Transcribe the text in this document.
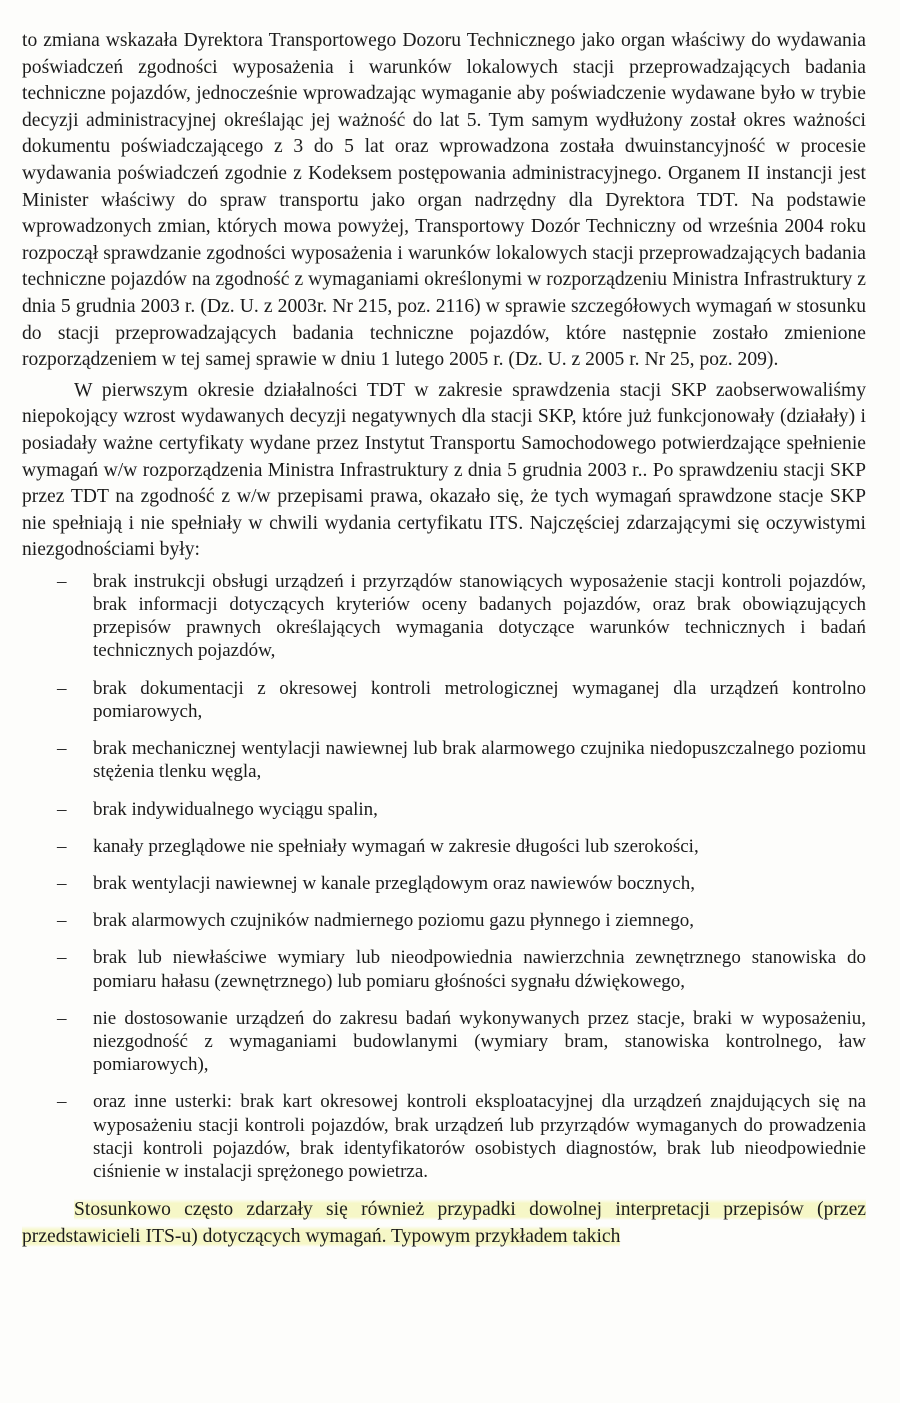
to zmiana wskazała Dyrektora Transportowego Dozoru Technicznego jako organ właściwy do wydawania poświadczeń zgodności wyposażenia i warunków lokalowych stacji przeprowadzających badania techniczne pojazdów, jednocześnie wprowadzając wymaganie aby poświadczenie wydawane było w trybie decyzji administracyjnej określając jej ważność do lat 5. Tym samym wydłużony został okres ważności dokumentu poświadczającego z 3 do 5 lat oraz wprowadzona została dwuinstancyjność w procesie wydawania poświadczeń zgodnie z Kodeksem postępowania administracyjnego. Organem II instancji jest Minister właściwy do spraw transportu jako organ nadrzędny dla Dyrektora TDT. Na podstawie wprowadzonych zmian, których mowa powyżej, Transportowy Dozór Techniczny od września 2004 roku rozpoczął sprawdzanie zgodności wyposażenia i warunków lokalowych stacji przeprowadzających badania techniczne pojazdów na zgodność z wymaganiami określonymi w rozporządzeniu Ministra Infrastruktury z dnia 5 grudnia 2003 r. (Dz. U. z 2003r. Nr 215, poz. 2116) w sprawie szczegółowych wymagań w stosunku do stacji przeprowadzających badania techniczne pojazdów, które następnie zostało zmienione rozporządzeniem w tej samej sprawie w dniu 1 lutego 2005 r. (Dz. U. z 2005 r. Nr 25, poz. 209).

W pierwszym okresie działalności TDT w zakresie sprawdzenia stacji SKP zaobserwowaliśmy niepokojący wzrost wydawanych decyzji negatywnych dla stacji SKP, które już funkcjonowały (działały) i posiadały ważne certyfikaty wydane przez Instytut Transportu Samochodowego potwierdzające spełnienie wymagań w/w rozporządzenia Ministra Infrastruktury z dnia 5 grudnia 2003 r.. Po sprawdzeniu stacji SKP przez TDT na zgodność z w/w przepisami prawa, okazało się, że tych wymagań sprawdzone stacje SKP nie spełniają i nie spełniały w chwili wydania certyfikatu ITS. Najczęściej zdarzającymi się oczywistymi niezgodnościami były:

–	brak instrukcji obsługi urządzeń i przyrządów stanowiących wyposażenie stacji kontroli pojazdów, brak informacji dotyczących kryteriów oceny badanych pojazdów, oraz brak obowiązujących przepisów prawnych określających wymagania dotyczące warunków technicznych i badań technicznych pojazdów,
–	brak dokumentacji z okresowej kontroli metrologicznej wymaganej dla urządzeń kontrolno pomiarowych,
–	brak mechanicznej wentylacji nawiewnej lub brak alarmowego czujnika niedopuszczalnego poziomu stężenia tlenku węgla,
–	brak indywidualnego wyciągu spalin,
–	kanały przeglądowe nie spełniały wymagań w zakresie długości lub szerokości,
–	brak wentylacji nawiewnej w kanale przeglądowym oraz nawiewów bocznych,
–	brak alarmowych czujników nadmiernego poziomu gazu płynnego i ziemnego,
–	brak lub niewłaściwe wymiary lub nieodpowiednia nawierzchnia zewnętrznego stanowiska do pomiaru hałasu (zewnętrznego) lub pomiaru głośności sygnału dźwiękowego,
–	nie dostosowanie urządzeń do zakresu badań wykonywanych przez stacje, braki w wyposażeniu, niezgodność z wymaganiami budowlanymi (wymiary bram, stanowiska kontrolnego, ław pomiarowych),
–	oraz inne usterki: brak kart okresowej kontroli eksploatacyjnej dla urządzeń znajdujących się na wyposażeniu stacji kontroli pojazdów, brak urządzeń lub przyrządów wymaganych do prowadzenia stacji kontroli pojazdów, brak identyfikatorów osobistych diagnostów, brak lub nieodpowiednie ciśnienie w instalacji sprężonego powietrza.

Stosunkowo często zdarzały się również przypadki dowolnej interpretacji przepisów (przez przedstawicieli ITS-u) dotyczących wymagań. Typowym przykładem takich
